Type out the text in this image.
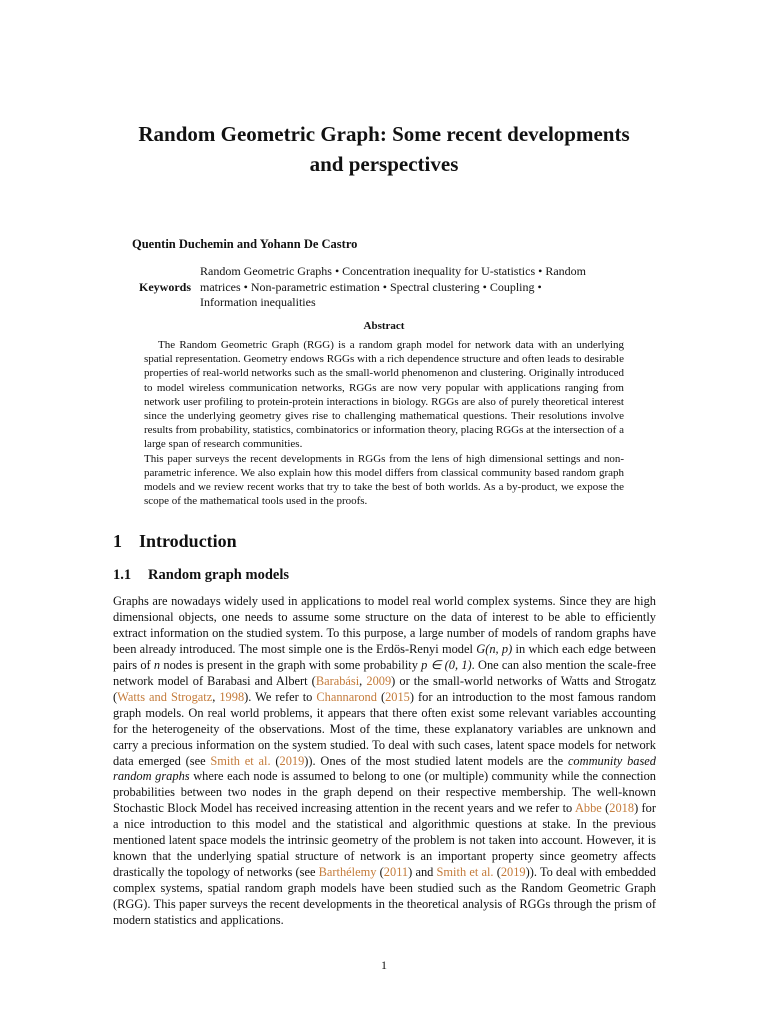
Random Geometric Graph: Some recent developments
and perspectives

Quentin Duchemin and Yohann De Castro

Keywords
Random Geometric Graphs • Concentration inequality for U-statistics • Random matrices • Non-parametric estimation • Spectral clustering • Coupling • Information inequalities
Abstract

The Random Geometric Graph (RGG) is a random graph model for network data with an underlying spatial representation. Geometry endows RGGs with a rich dependence structure and often leads to desirable properties of real-world networks such as the small-world phenomenon and clustering. Originally introduced to model wireless communication networks, RGGs are now very popular with applications ranging from network user profiling to protein-protein interactions in biology. RGGs are also of purely theoretical interest since the underlying geometry gives rise to challenging mathematical questions. Their resolutions involve results from probability, statistics, combinatorics or information theory, placing RGGs at the intersection of a large span of research communities.

This paper surveys the recent developments in RGGs from the lens of high dimensional settings and non-parametric inference. We also explain how this model differs from classical community based random graph models and we review recent works that try to take the best of both worlds. As a by-product, we expose the scope of the mathematical tools used in the proofs.

1 Introduction
1.1 Random graph models

Graphs are nowadays widely used in applications to model real world complex systems. Since they are high dimensional objects, one needs to assume some structure on the data of interest to be able to efficiently extract information on the studied system. To this purpose, a large number of models of random graphs have been already introduced. The most simple one is the Erdös-Renyi model G(n, p) in which each edge between pairs of n nodes is present in the graph with some probability p ∈ (0, 1). One can also mention the scale-free network model of Barabasi and Albert (Barabási, 2009) or the small-world networks of Watts and Strogatz (Watts and Strogatz, 1998). We refer to Channarond (2015) for an introduction to the most famous random graph models. On real world problems, it appears that there often exist some relevant variables accounting for the heterogeneity of the observations. Most of the time, these explanatory variables are unknown and carry a precious information on the system studied. To deal with such cases, latent space models for network data emerged (see Smith et al. (2019)). Ones of the most studied latent models are the community based random graphs where each node is assumed to belong to one (or multiple) community while the connection probabilities between two nodes in the graph depend on their respective membership. The well-known Stochastic Block Model has received increasing attention in the recent years and we refer to Abbe (2018) for a nice introduction to this model and the statistical and algorithmic questions at stake. In the previous mentioned latent space models the intrinsic geometry of the problem is not taken into account. However, it is known that the underlying spatial structure of network is an important property since geometry affects drastically the topology of networks (see Barthélemy (2011) and Smith et al. (2019)). To deal with embedded complex systems, spatial random graph models have been studied such as the Random Geometric Graph (RGG). This paper surveys the recent developments in the theoretical analysis of RGGs through the prism of modern statistics and applications.

1
